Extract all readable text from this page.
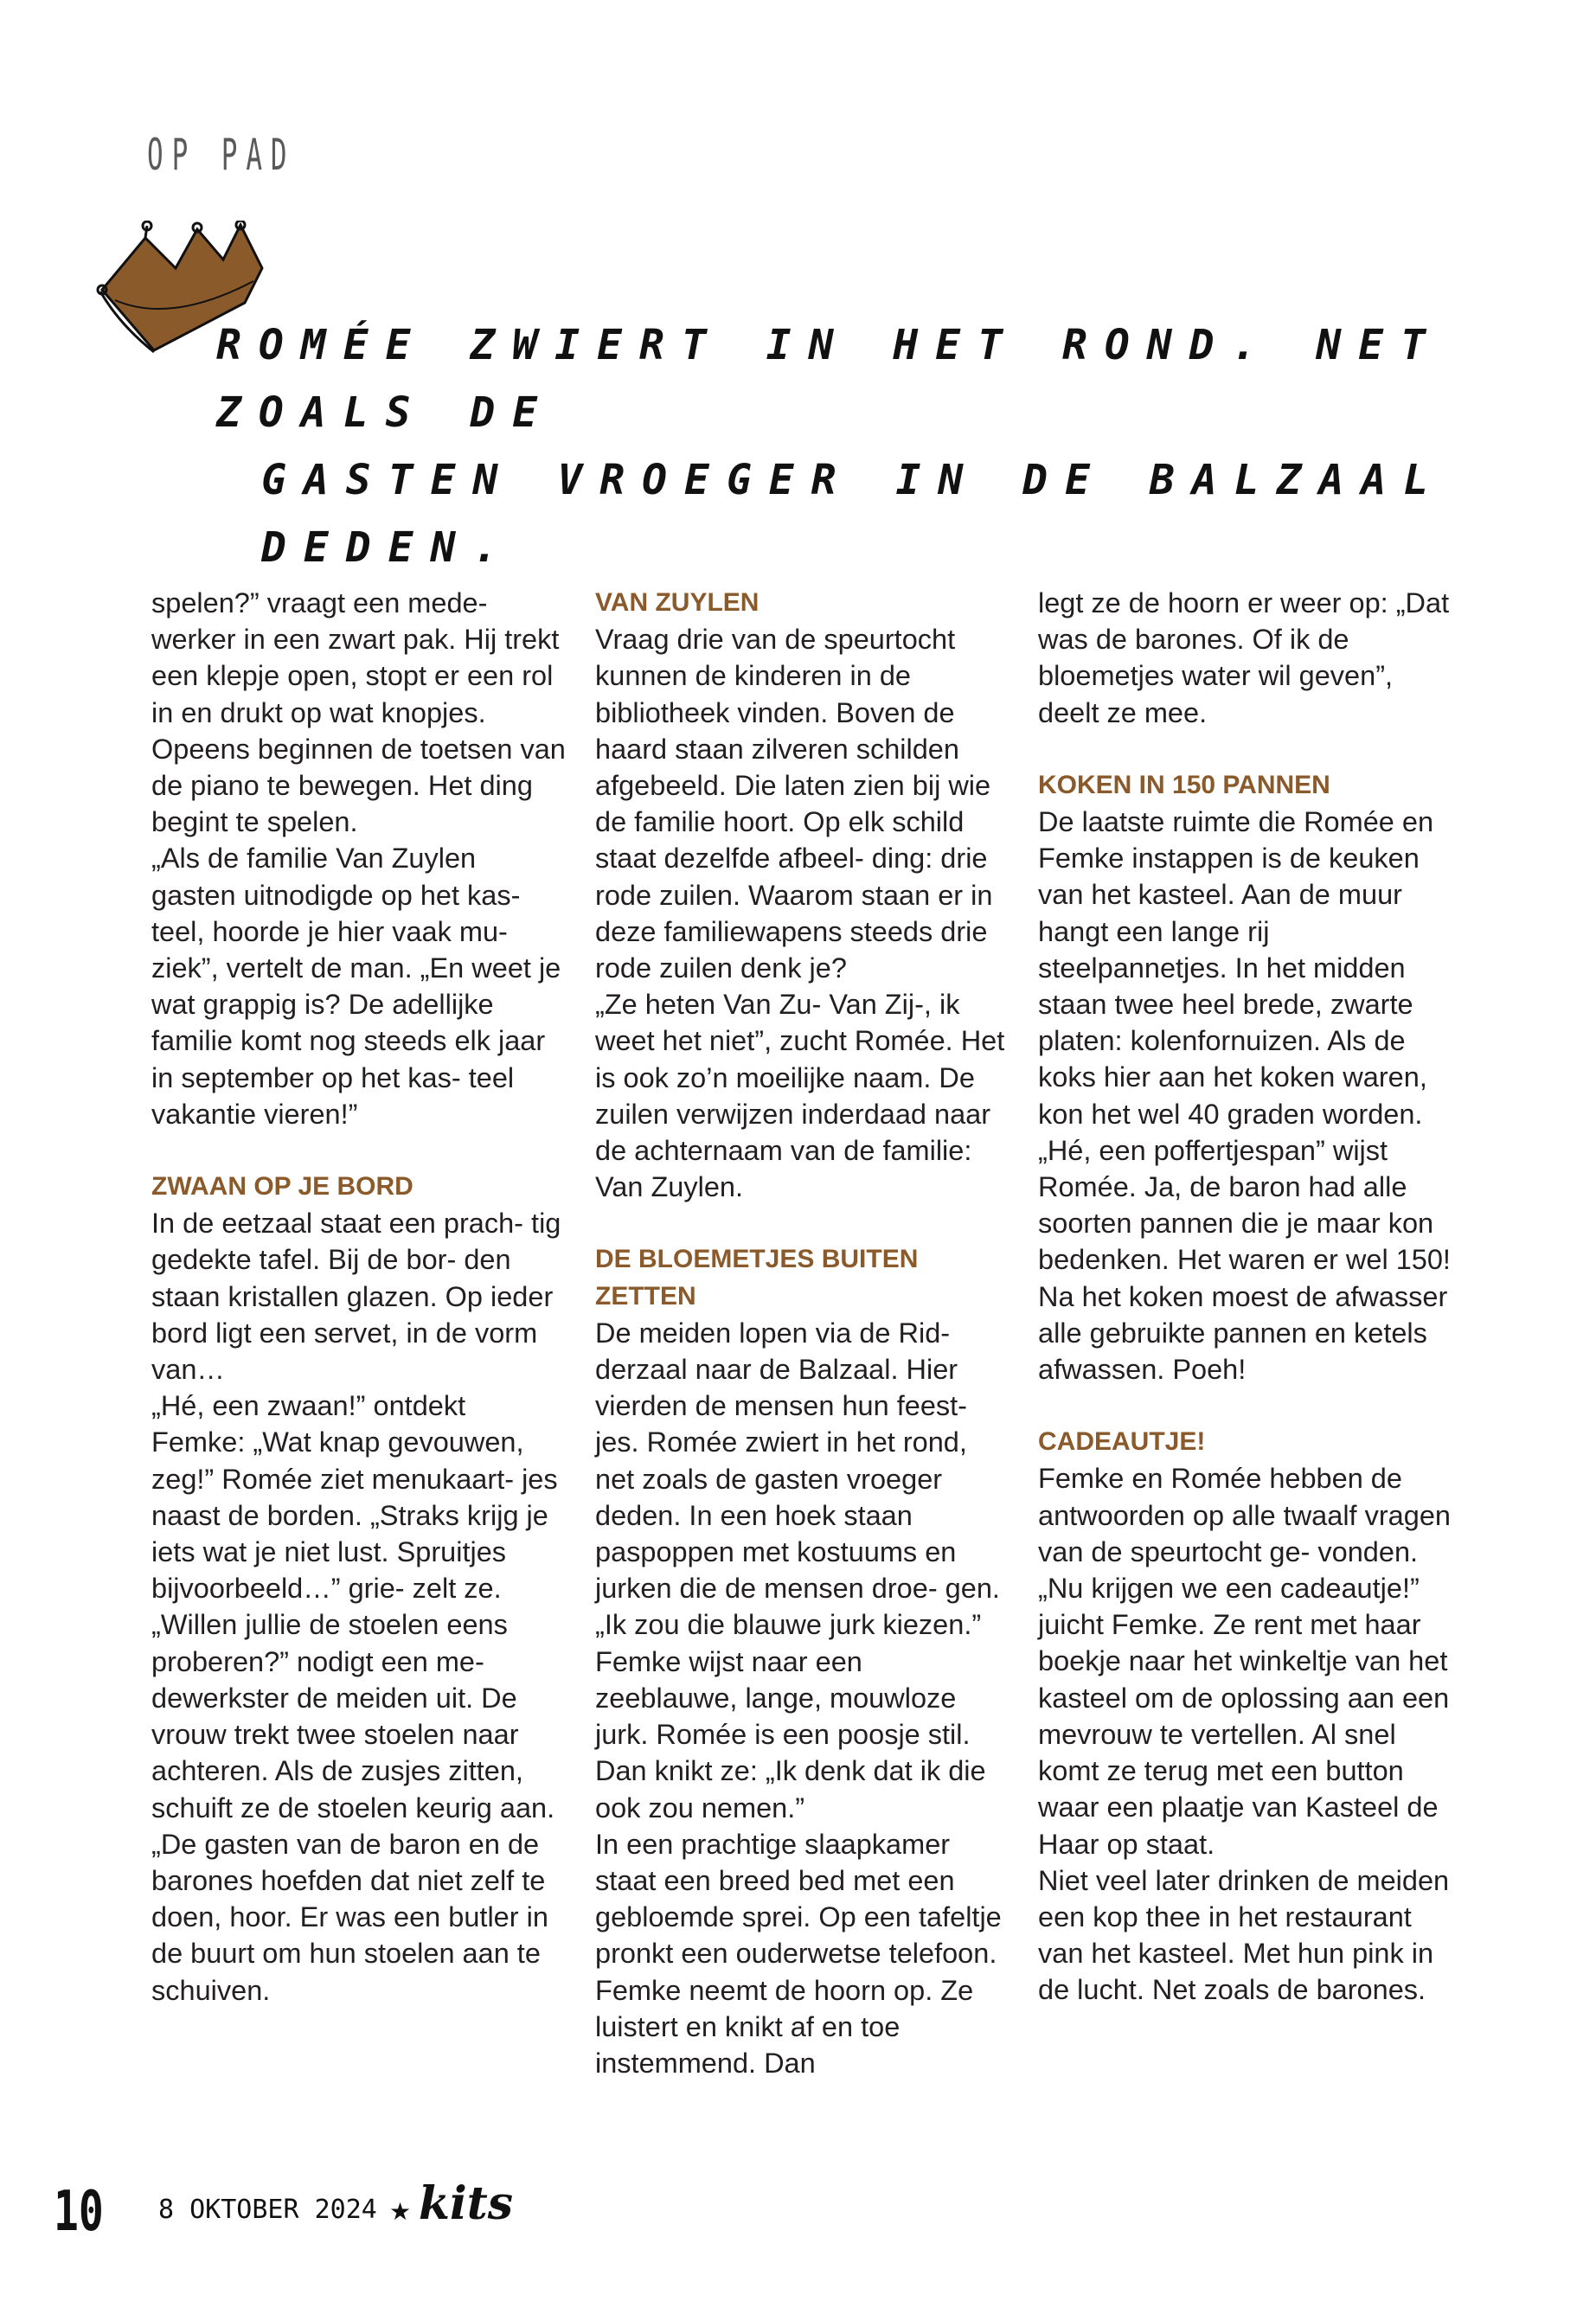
OP PAD
ROMÉE ZWIERT IN HET ROND. NET ZOALS DE
GASTEN VROEGER IN DE BALZAAL DEDEN.

spelen?” vraagt een mede- werker in een zwart pak. Hij trekt een klepje open, stopt er een rol in en drukt op wat knopjes. Opeens beginnen de toetsen van de piano te bewegen. Het ding begint te spelen.

„Als de familie Van Zuylen gasten uitnodigde op het kas- teel, hoorde je hier vaak mu- ziek”, vertelt de man. „En weet je wat grappig is? De adellijke familie komt nog steeds elk jaar in september op het kas- teel vakantie vieren!”

ZWAAN OP JE BORD

In de eetzaal staat een prach- tig gedekte tafel. Bij de bor- den staan kristallen glazen. Op ieder bord ligt een servet, in de vorm van…

„Hé, een zwaan!” ontdekt Femke: „Wat knap gevouwen, zeg!” Romée ziet menukaart- jes naast de borden. „Straks krijg je iets wat je niet lust. Spruitjes bijvoorbeeld…” grie- zelt ze.

„Willen jullie de stoelen eens proberen?” nodigt een me- dewerkster de meiden uit. De vrouw trekt twee stoelen naar achteren. Als de zusjes zitten, schuift ze de stoelen keurig aan.

„De gasten van de baron en de barones hoefden dat niet zelf te doen, hoor. Er was een butler in de buurt om hun stoelen aan te schuiven.

VAN ZUYLEN

Vraag drie van de speurtocht kunnen de kinderen in de bibliotheek vinden. Boven de haard staan zilveren schilden afgebeeld. Die laten zien bij wie de familie hoort. Op elk schild staat dezelfde afbeel- ding: drie rode zuilen. Waarom staan er in deze familiewapens steeds drie rode zuilen denk je?

„Ze heten Van Zu- Van Zij-, ik weet het niet”, zucht Romée. Het is ook zo’n moeilijke naam. De zuilen verwijzen inderdaad naar de achternaam van de familie: Van Zuylen.

DE BLOEMETJES BUITEN ZETTEN

De meiden lopen via de Rid- derzaal naar de Balzaal. Hier vierden de mensen hun feest- jes. Romée zwiert in het rond, net zoals de gasten vroeger deden. In een hoek staan paspoppen met kostuums en jurken die de mensen droe- gen. „Ik zou die blauwe jurk kiezen.” Femke wijst naar een zeeblauwe, lange, mouwloze jurk. Romée is een poosje stil. Dan knikt ze: „Ik denk dat ik die ook zou nemen.”

In een prachtige slaapkamer staat een breed bed met een gebloemde sprei. Op een tafeltje pronkt een ouderwetse telefoon. Femke neemt de hoorn op. Ze luistert en knikt af en toe instemmend. Dan

legt ze de hoorn er weer op: „Dat was de barones. Of ik de bloemetjes water wil geven”, deelt ze mee.

KOKEN IN 150 PANNEN

De laatste ruimte die Romée en Femke instappen is de keuken van het kasteel. Aan de muur hangt een lange rij steelpannetjes. In het midden staan twee heel brede, zwarte platen: kolenfornuizen. Als de koks hier aan het koken waren, kon het wel 40 graden worden.

„Hé, een poffertjespan” wijst Romée. Ja, de baron had alle soorten pannen die je maar kon bedenken. Het waren er wel 150! Na het koken moest de afwasser alle gebruikte pannen en ketels afwassen. Poeh!

CADEAUTJE!

Femke en Romée hebben de antwoorden op alle twaalf vragen van de speurtocht ge- vonden.

„Nu krijgen we een cadeautje!” juicht Femke. Ze rent met haar boekje naar het winkeltje van het kasteel om de oplossing aan een mevrouw te vertellen. Al snel komt ze terug met een button waar een plaatje van Kasteel de Haar op staat.

Niet veel later drinken de meiden een kop thee in het restaurant van het kasteel. Met hun pink in de lucht. Net zoals de barones.

10 8 OKTOBER 2024 ★ kits
